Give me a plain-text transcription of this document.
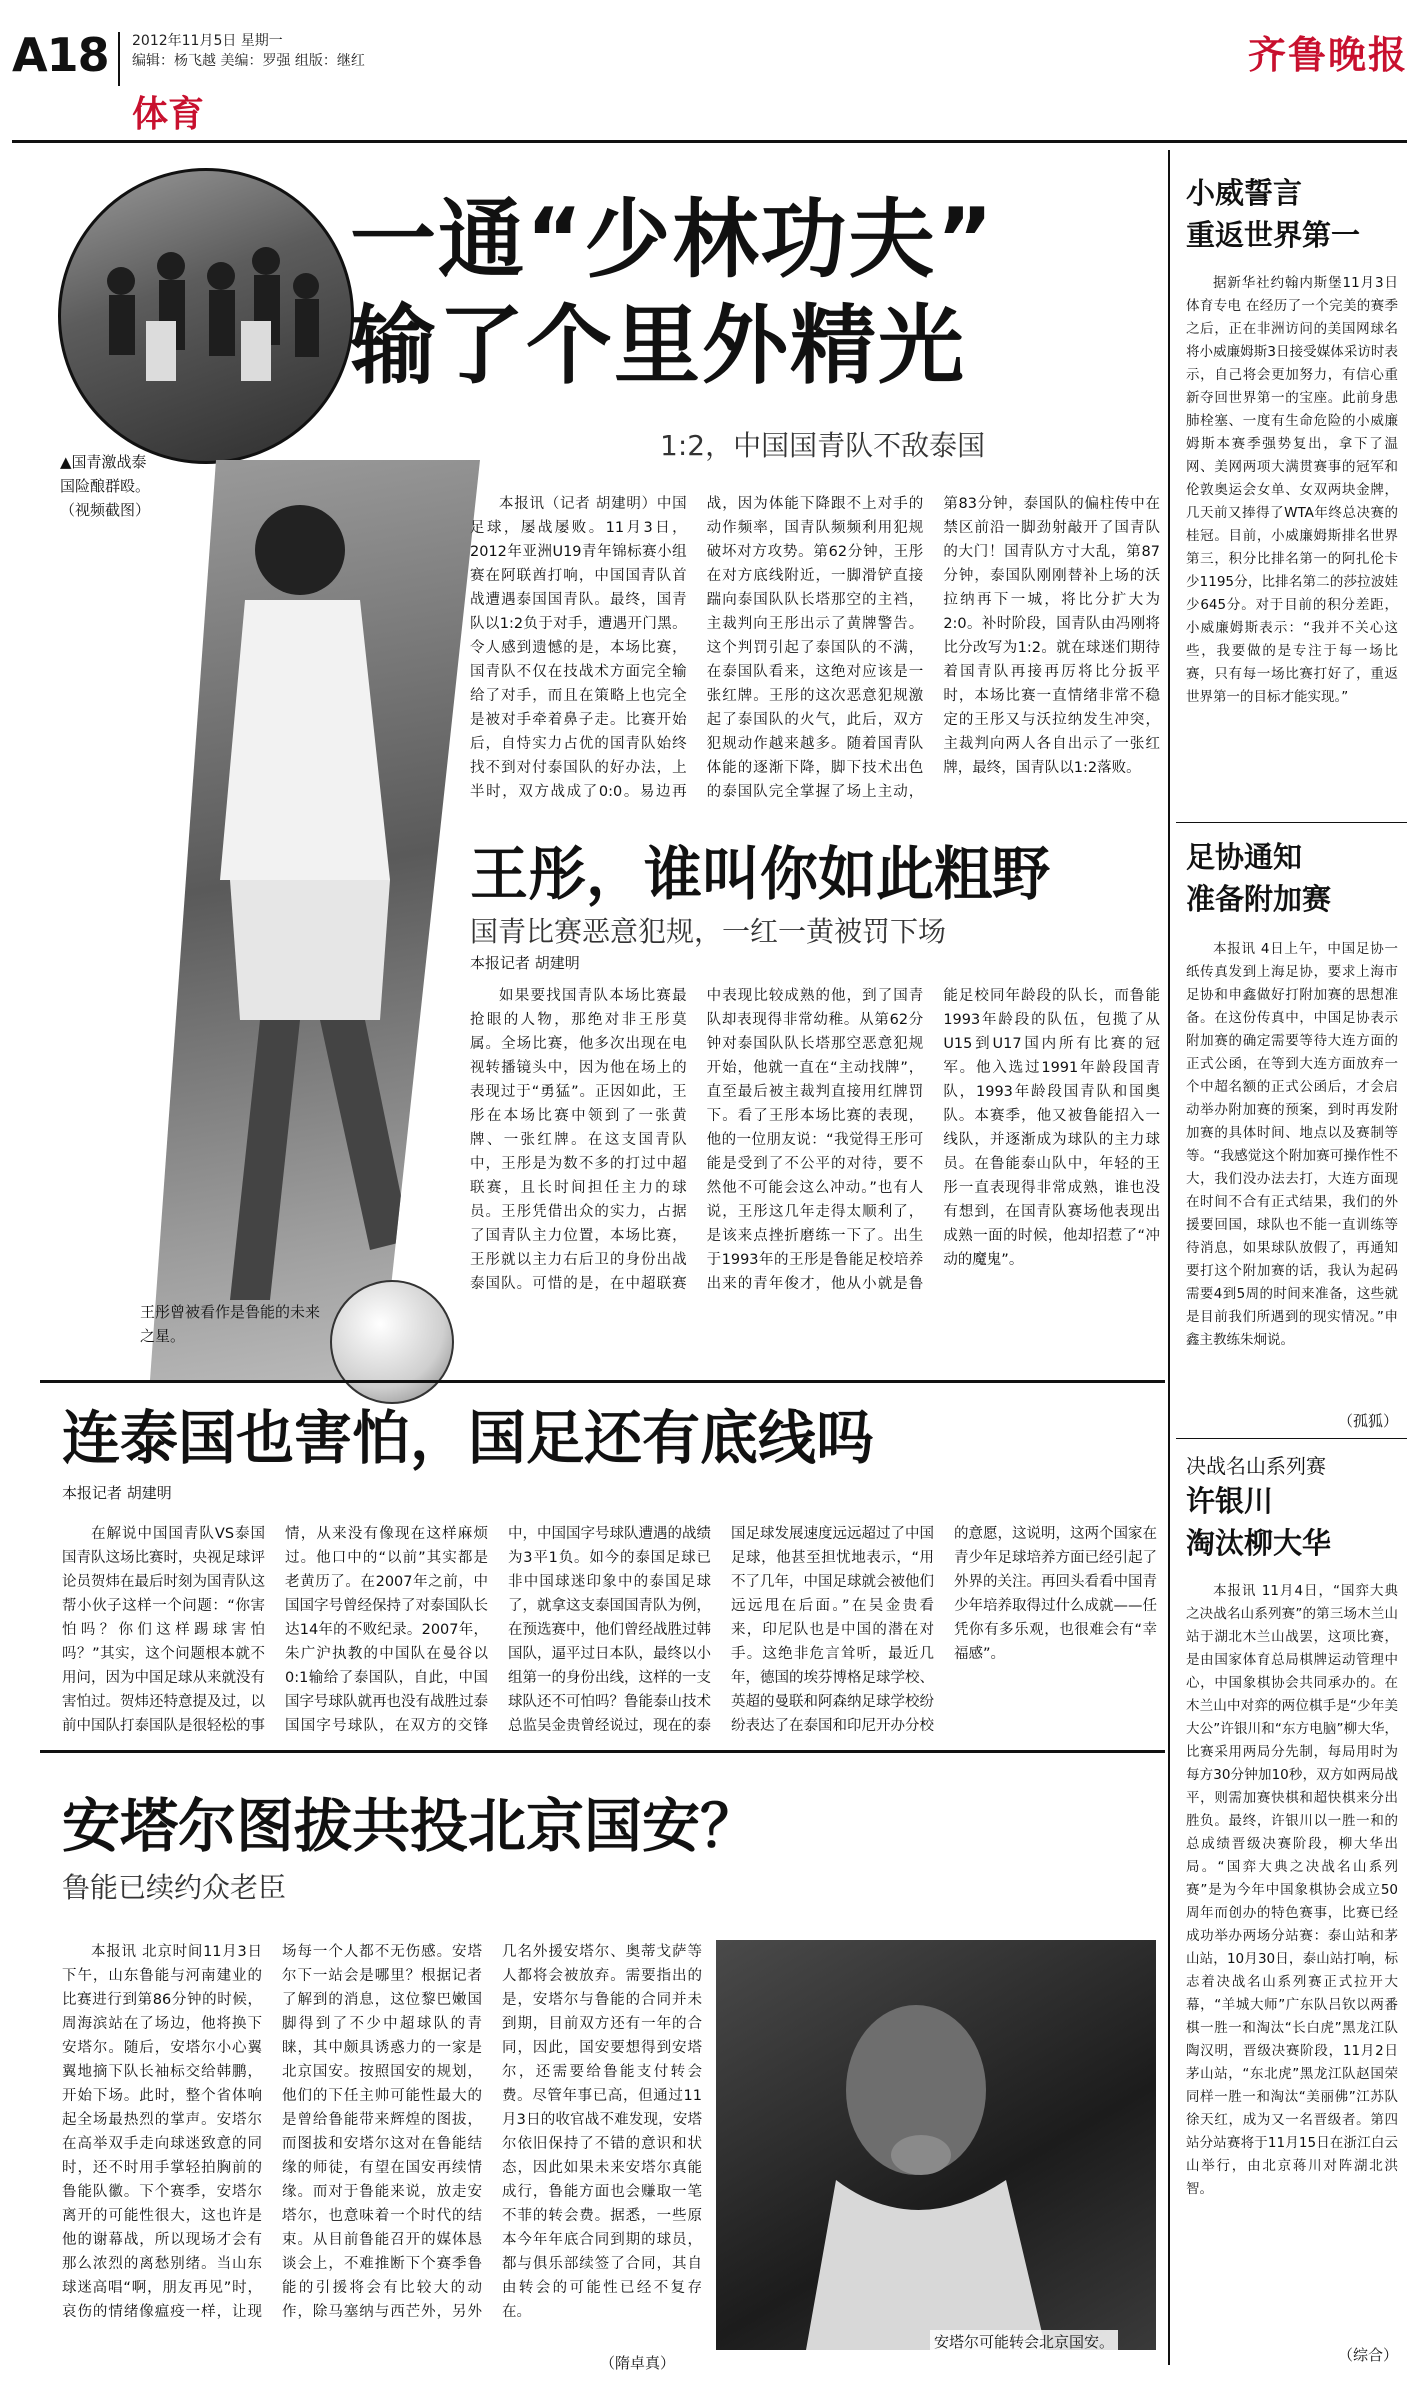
A18 2012年11月5日 星期一
编辑：杨飞越 美编：罗强 组版：继红
体育
齐鲁晚报
▲国青激战泰国险酿群殴。（视频截图）
一通“少林功夫”
输了个里外精光
1:2，中国国青队不敌泰国
王彤曾被看作是鲁能的未来之星。
本报讯（记者 胡建明）中国足球，屡战屡败。11月3日，2012年亚洲U19青年锦标赛小组赛在阿联酋打响，中国国青队首战遭遇泰国国青队。最终，国青队以1:2负于对手，遭遇开门黑。令人感到遗憾的是，本场比赛，国青队不仅在技战术方面完全输给了对手，而且在策略上也完全是被对手牵着鼻子走。比赛开始后，自恃实力占优的国青队始终找不到对付泰国队的好办法，上半时，双方战成了0:0。易边再战，因为体能下降跟不上对手的动作频率，国青队频频利用犯规破坏对方攻势。第62分钟，王彤在对方底线附近，一脚滑铲直接踹向泰国队队长塔那空的主裆，主裁判向王彤出示了黄牌警告。这个判罚引起了泰国队的不满，在泰国队看来，这绝对应该是一张红牌。王彤的这次恶意犯规激起了泰国队的火气，此后，双方犯规动作越来越多。随着国青队体能的逐渐下降，脚下技术出色的泰国队完全掌握了场上主动，第83分钟，泰国队的偏柱传中在禁区前沿一脚劲射敲开了国青队的大门！国青队方寸大乱，第87分钟，泰国队刚刚替补上场的沃拉纳再下一城，将比分扩大为2:0。补时阶段，国青队由冯刚将比分改写为1:2。就在球迷们期待着国青队再接再厉将比分扳平时，本场比赛一直情绪非常不稳定的王彤又与沃拉纳发生冲突，主裁判向两人各自出示了一张红牌，最终，国青队以1:2落败。
王彤，谁叫你如此粗野
国青比赛恶意犯规，一红一黄被罚下场
本报记者 胡建明
如果要找国青队本场比赛最抢眼的人物，那绝对非王彤莫属。全场比赛，他多次出现在电视转播镜头中，因为他在场上的表现过于“勇猛”。正因如此，王彤在本场比赛中领到了一张黄牌、一张红牌。在这支国青队中，王彤是为数不多的打过中超联赛，且长时间担任主力的球员。王彤凭借出众的实力，占据了国青队主力位置，本场比赛，王彤就以主力右后卫的身份出战泰国队。可惜的是，在中超联赛中表现比较成熟的他，到了国青队却表现得非常幼稚。从第62分钟对泰国队队长塔那空恶意犯规开始，他就一直在“主动找牌”，直至最后被主裁判直接用红牌罚下。看了王彤本场比赛的表现，他的一位朋友说：“我觉得王彤可能是受到了不公平的对待，要不然他不可能会这么冲动。”也有人说，王彤这几年走得太顺利了，是该来点挫折磨练一下了。出生于1993年的王彤是鲁能足校培养出来的青年俊才，他从小就是鲁能足校同年龄段的队长，而鲁能1993年龄段的队伍，包揽了从U15到U17国内所有比赛的冠军。他入选过1991年龄段国青队，1993年龄段国青队和国奥队。本赛季，他又被鲁能招入一线队，并逐渐成为球队的主力球员。在鲁能泰山队中，年轻的王彤一直表现得非常成熟，谁也没有想到，在国青队赛场他表现出成熟一面的时候，他却招惹了“冲动的魔鬼”。
连泰国也害怕，国足还有底线吗
本报记者 胡建明
在解说中国国青队VS泰国国青队这场比赛时，央视足球评论员贺炜在最后时刻为国青队这帮小伙子这样一个问题：“你害怕吗？你们这样踢球害怕吗？”其实，这个问题根本就不用问，因为中国足球从来就没有害怕过。贺炜还特意提及过，以前中国队打泰国队是很轻松的事情，从来没有像现在这样麻烦过。他口中的“以前”其实都是老黄历了。在2007年之前，中国国字号曾经保持了对泰国队长达14年的不败纪录。2007年，朱广沪执教的中国队在曼谷以0:1输给了泰国队，自此，中国国字号球队就再也没有战胜过泰国国字号球队，在双方的交锋中，中国国字号球队遭遇的战绩为3平1负。如今的泰国足球已非中国球迷印象中的泰国足球了，就拿这支泰国国青队为例，在预选赛中，他们曾经战胜过韩国队，逼平过日本队，最终以小组第一的身份出线，这样的一支球队还不可怕吗？鲁能泰山技术总监吴金贵曾经说过，现在的泰国足球发展速度远远超过了中国足球，他甚至担忧地表示，“用不了几年，中国足球就会被他们远远甩在后面。”在吴金贵看来，印尼队也是中国的潜在对手。这绝非危言耸听，最近几年，德国的埃芬博格足球学校、英超的曼联和阿森纳足球学校纷纷表达了在泰国和印尼开办分校的意愿，这说明，这两个国家在青少年足球培养方面已经引起了外界的关注。再回头看看中国青少年培养取得过什么成就——任凭你有多乐观，也很难会有“幸福感”。
安塔尔图拔共投北京国安？
鲁能已续约众老臣
本报讯 北京时间11月3日下午，山东鲁能与河南建业的比赛进行到第86分钟的时候，周海滨站在了场边，他将换下安塔尔。随后，安塔尔小心翼翼地摘下队长袖标交给韩鹏，开始下场。此时，整个省体响起全场最热烈的掌声。安塔尔在高举双手走向球迷致意的同时，还不时用手掌轻拍胸前的鲁能队徽。下个赛季，安塔尔离开的可能性很大，这也许是他的谢幕战，所以现场才会有那么浓烈的离愁别绪。当山东球迷高唱“啊，朋友再见”时，哀伤的情绪像瘟疫一样，让现场每一个人都不无伤感。安塔尔下一站会是哪里？根据记者了解到的消息，这位黎巴嫩国脚得到了不少中超球队的青睐，其中颇具诱惑力的一家是北京国安。按照国安的规划，他们的下任主帅可能性最大的是曾给鲁能带来辉煌的图拔，而图拔和安塔尔这对在鲁能结缘的师徒，有望在国安再续情缘。而对于鲁能来说，放走安塔尔，也意味着一个时代的结束。从目前鲁能召开的媒体恳谈会上，不难推断下个赛季鲁能的引援将会有比较大的动作，除马塞纳与西芒外，另外几名外援安塔尔、奥蒂戈萨等人都将会被放弃。需要指出的是，安塔尔与鲁能的合同并未到期，目前双方还有一年的合同，因此，国安要想得到安塔尔，还需要给鲁能支付转会费。尽管年事已高，但通过11月3日的收官战不难发现，安塔尔依旧保持了不错的意识和状态，因此如果未来安塔尔真能成行，鲁能方面也会赚取一笔不菲的转会费。据悉，一些原本今年年底合同到期的球员，都与俱乐部续签了合同，其自由转会的可能性已经不复存在。
（隋卓真）
安塔尔可能转会北京国安。
小威誓言
重返世界第一
据新华社约翰内斯堡11月3日体育专电 在经历了一个完美的赛季之后，正在非洲访问的美国网球名将小威廉姆斯3日接受媒体采访时表示，自己将会更加努力，有信心重新夺回世界第一的宝座。此前身患肺栓塞、一度有生命危险的小威廉姆斯本赛季强势复出，拿下了温网、美网两项大满贯赛事的冠军和伦敦奥运会女单、女双两块金牌，几天前又捧得了WTA年终总决赛的桂冠。目前，小威廉姆斯排名世界第三，积分比排名第一的阿扎伦卡少1195分，比排名第二的莎拉波娃少645分。对于目前的积分差距，小威廉姆斯表示：“我并不关心这些，我要做的是专注于每一场比赛，只有每一场比赛打好了，重返世界第一的目标才能实现。”
足协通知
准备附加赛
本报讯 4日上午，中国足协一纸传真发到上海足协，要求上海市足协和申鑫做好打附加赛的思想准备。在这份传真中，中国足协表示附加赛的确定需要等待大连方面的正式公函，在等到大连方面放弃一个中超名额的正式公函后，才会启动举办附加赛的预案，到时再发附加赛的具体时间、地点以及赛制等等。“我感觉这个附加赛可操作性不大，我们没办法去打，大连方面现在时间不合有正式结果，我们的外援要回国，球队也不能一直训练等待消息，如果球队放假了，再通知要打这个附加赛的话，我认为起码需要4到5周的时间来准备，这些就是目前我们所遇到的现实情况。”申鑫主教练朱炯说。
（孤狐）
决战名山系列赛
许银川
淘汰柳大华
本报讯 11月4日，“国弈大典之决战名山系列赛”的第三场木兰山站于湖北木兰山战罢，这项比赛，是由国家体育总局棋牌运动管理中心，中国象棋协会共同承办的。在木兰山中对弈的两位棋手是“少年美大公”许银川和“东方电脑”柳大华，比赛采用两局分先制，每局用时为每方30分钟加10秒，双方如两局战平，则需加赛快棋和超快棋来分出胜负。最终，许银川以一胜一和的总成绩晋级决赛阶段，柳大华出局。“国弈大典之决战名山系列赛”是为今年中国象棋协会成立50周年而创办的特色赛事，比赛已经成功举办两场分站赛：泰山站和茅山站，10月30日，泰山站打响，标志着决战名山系列赛正式拉开大幕，“羊城大师”广东队吕钦以两番棋一胜一和淘汰“长白虎”黑龙江队陶汉明，晋级决赛阶段，11月2日茅山站，“东北虎”黑龙江队赵国荣同样一胜一和淘汰“美丽佛”江苏队徐天红，成为又一名晋级者。第四站分站赛将于11月15日在浙江白云山举行，由北京蒋川对阵湖北洪智。
（综合）
